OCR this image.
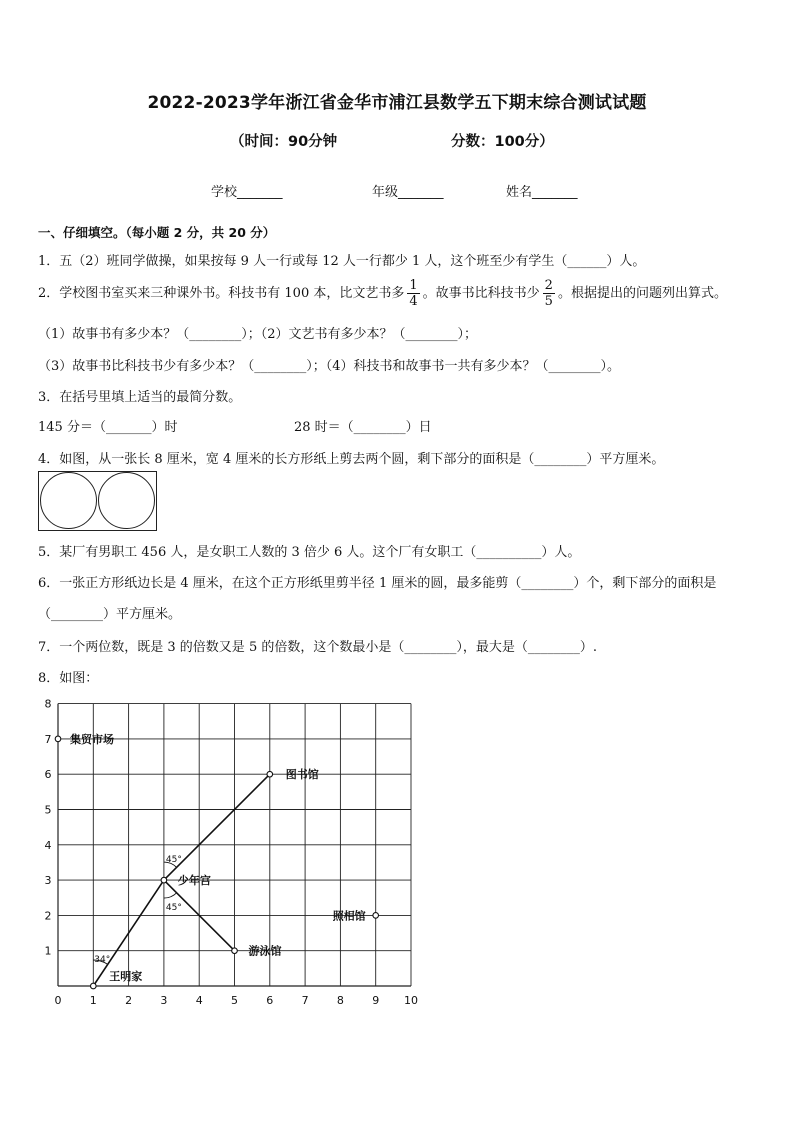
2022-2023学年浙江省金华市浦江县数学五下期末综合测试试题
（时间：90分钟	分数：100分）
学校_______	年级_______	姓名_______
一、仔细填空。（每小题 2 分，共 20 分）
1．五（2）班同学做操，如果按每 9 人一行或每 12 人一行都少 1 人，这个班至少有学生（______）人。
2．学校图书室买来三种课外书。科技书有 100 本，比文艺书多 $\frac{1}{4}$ 。故事书比科技书少 $\frac{2}{5}$ 。根据提出的问题列出算式。
（1）故事书有多少本？（________）；（2）文艺书有多少本？（________）；
（3）故事书比科技书少有多少本？（________）；（4）科技书和故事书一共有多少本？（________）。
3．在括号里填上适当的最简分数。
145 分＝（_______）时	28 时＝（________）日
4．如图，从一张长 8 厘米，宽 4 厘米的长方形纸上剪去两个圆，剩下部分的面积是（________）平方厘米。
5．某厂有男职工 456 人，是女职工人数的 3 倍少 6 人。这个厂有女职工（__________）人。
6．一张正方形纸边长是 4 厘米，在这个正方形纸里剪半径 1 厘米的圆，最多能剪（________）个，剩下部分的面积是
（________）平方厘米。
7．一个两位数，既是 3 的倍数又是 5 的倍数，这个数最小是（________），最大是（________）.
8．如图：
0	1	2	3	4	5	6	7	8	9 10
1
2
3
4
5
6
7
8
34°
45°
45°
集贸市场
图书馆
少年宫
照相馆
游泳馆
王明家
